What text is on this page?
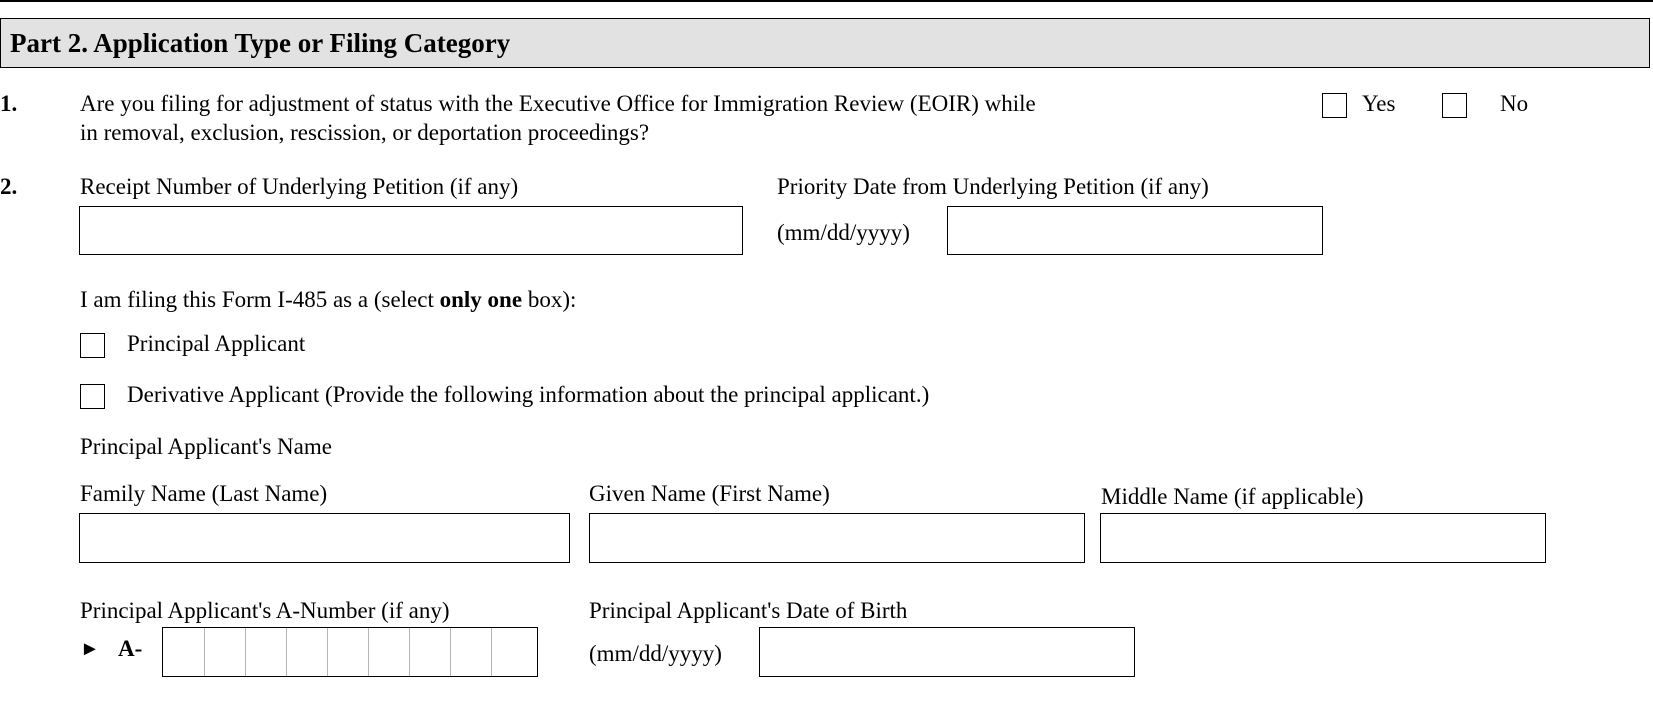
Part 2. Application Type or Filing Category
1.	Are you filing for adjustment of status with the Executive Office for Immigration Review (EOIR) while
in removal, exclusion, rescission, or deportation proceedings?
Yes	No
2.	Receipt Number of Underlying Petition (if any)	Priority Date from Underlying Petition (if any)
(mm/dd/yyyy)
I am filing this Form I-485 as a (select only one box):
Principal Applicant
Derivative Applicant (Provide the following information about the principal applicant.)
Principal Applicant's Name
Family Name (Last Name)	Given Name (First Name)	Middle Name (if applicable)
Principal Applicant's A-Number (if any)
► A-
Principal Applicant's Date of Birth
(mm/dd/yyyy)
